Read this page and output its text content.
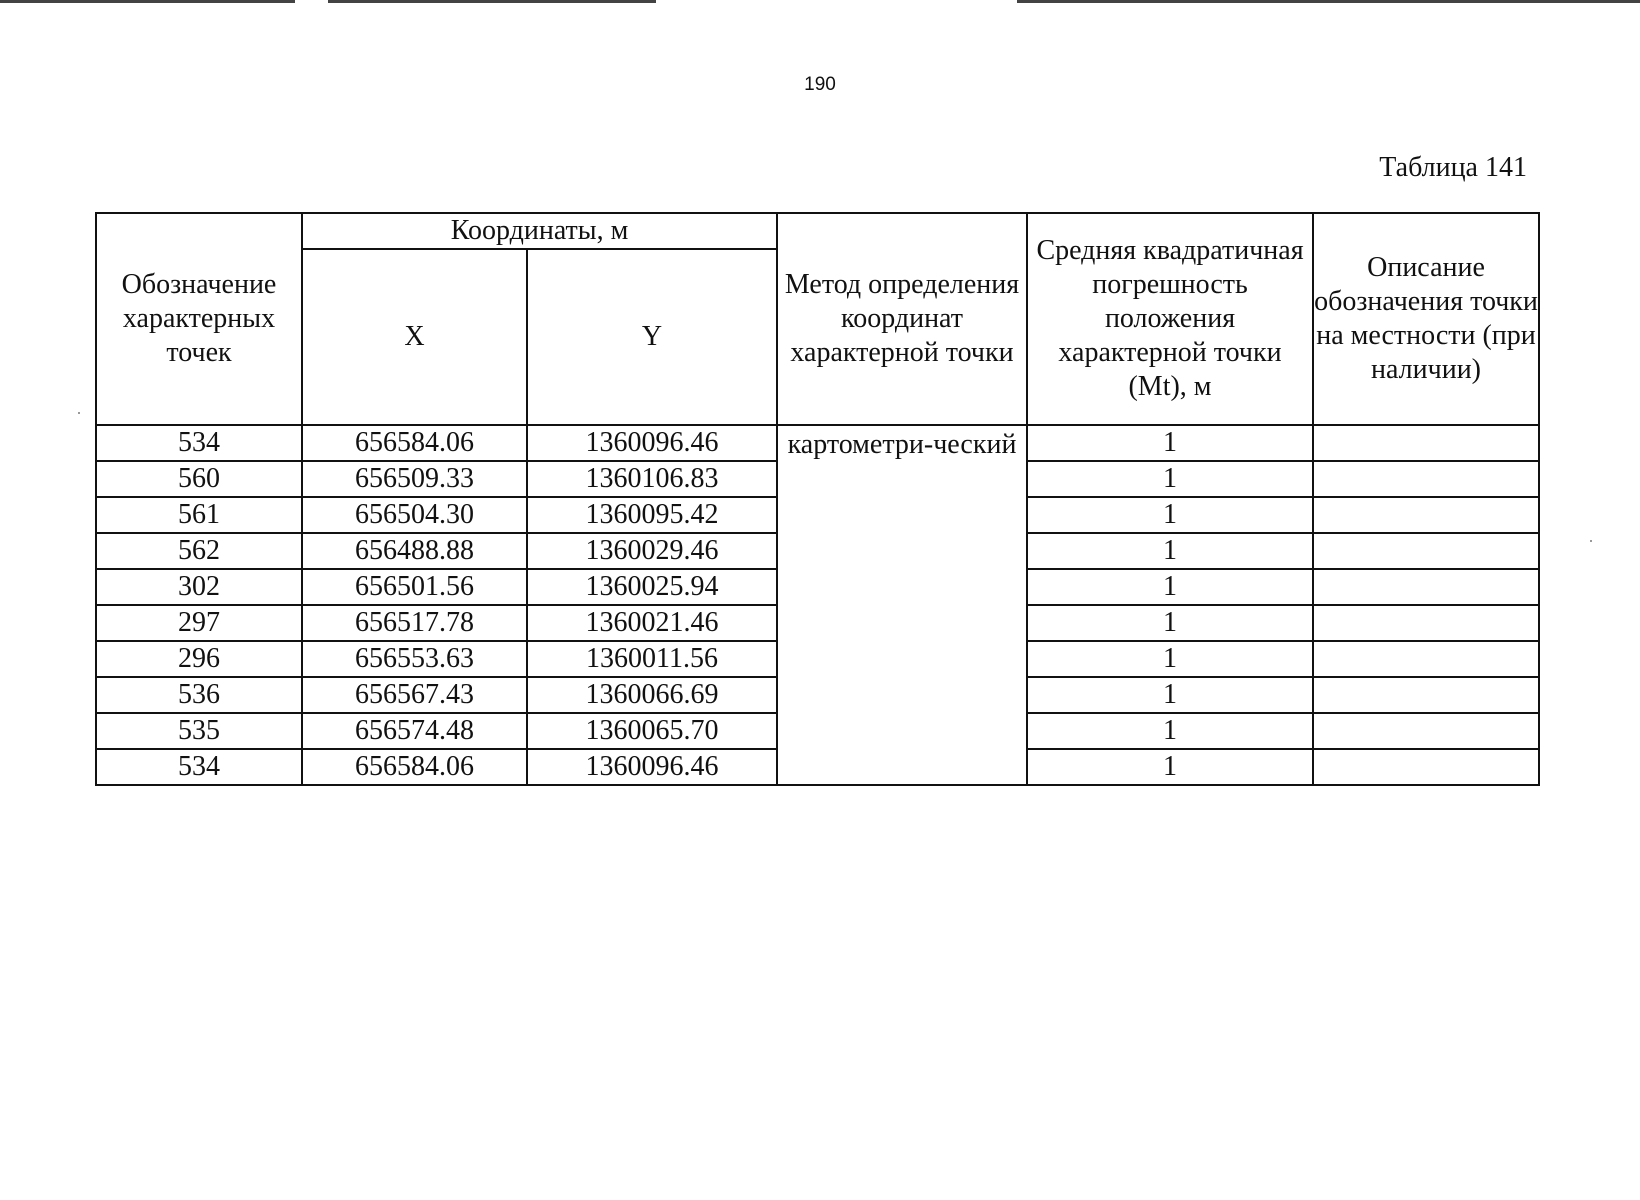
190
Таблица 141
Обозначение характерных точек	Координаты, м		Метод определения координат характерной точки	Средняя квадратичная погрешность положения характерной точки (Mt), м	Описание обозначения точки на местности (при наличии)
	X	Y			
534	656584.06	1360096.46	картометри-ческий	1	
560	656509.33	1360106.83		1	
561	656504.30	1360095.42		1	
562	656488.88	1360029.46		1	
302	656501.56	1360025.94		1	
297	656517.78	1360021.46		1	
296	656553.63	1360011.56		1	
536	656567.43	1360066.69		1	
535	656574.48	1360065.70		1	
534	656584.06	1360096.46		1	
